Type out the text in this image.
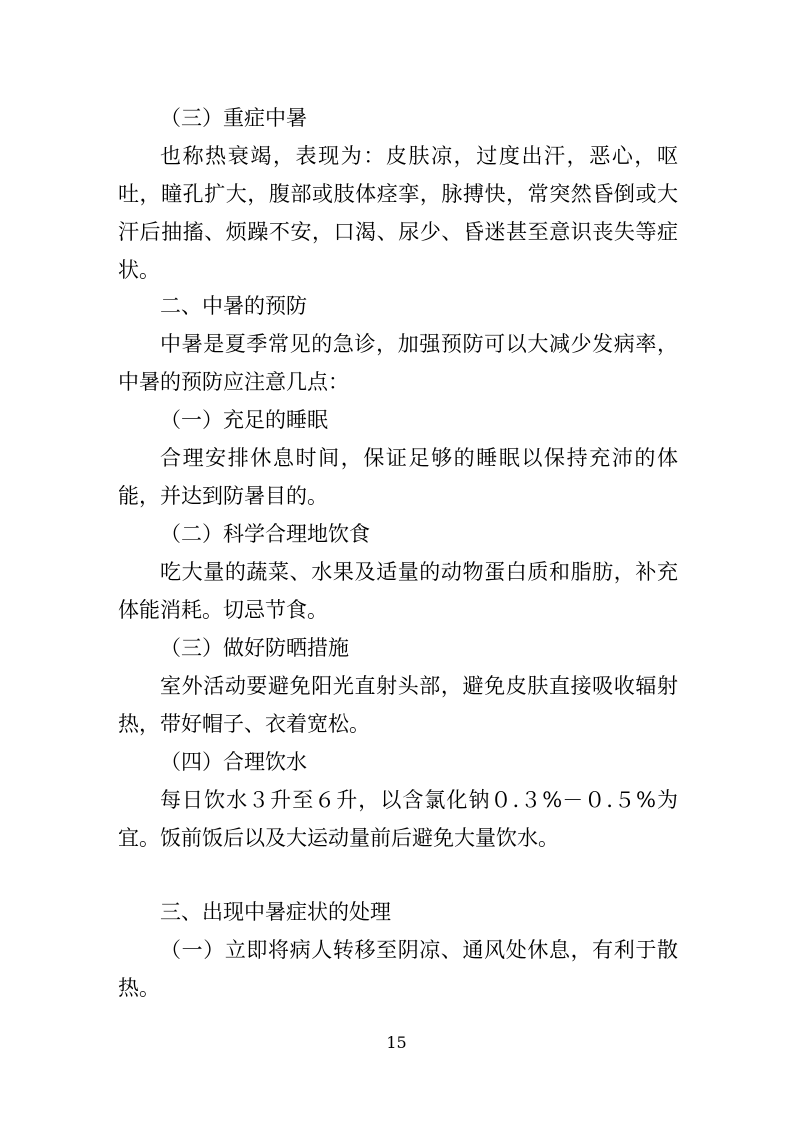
（三）重症中暑

也称热衰竭，表现为：皮肤凉，过度出汗，恶心，呕吐，瞳孔扩大，腹部或肢体痉挛，脉搏快，常突然昏倒或大汗后抽搐、烦躁不安，口渴、尿少、昏迷甚至意识丧失等症状。

二、中暑的预防

中暑是夏季常见的急诊，加强预防可以大减少发病率，中暑的预防应注意几点：

（一）充足的睡眠

合理安排休息时间，保证足够的睡眠以保持充沛的体能，并达到防暑目的。

（二）科学合理地饮食

吃大量的蔬菜、水果及适量的动物蛋白质和脂肪，补充体能消耗。切忌节食。

（三）做好防晒措施

室外活动要避免阳光直射头部，避免皮肤直接吸收辐射热，带好帽子、衣着宽松。

（四）合理饮水

每日饮水３升至６升，以含氯化钠０.３%－０.５%为宜。饭前饭后以及大运动量前后避免大量饮水。

三、出现中暑症状的处理

（一）立即将病人转移至阴凉、通风处休息，有利于散热。

15
